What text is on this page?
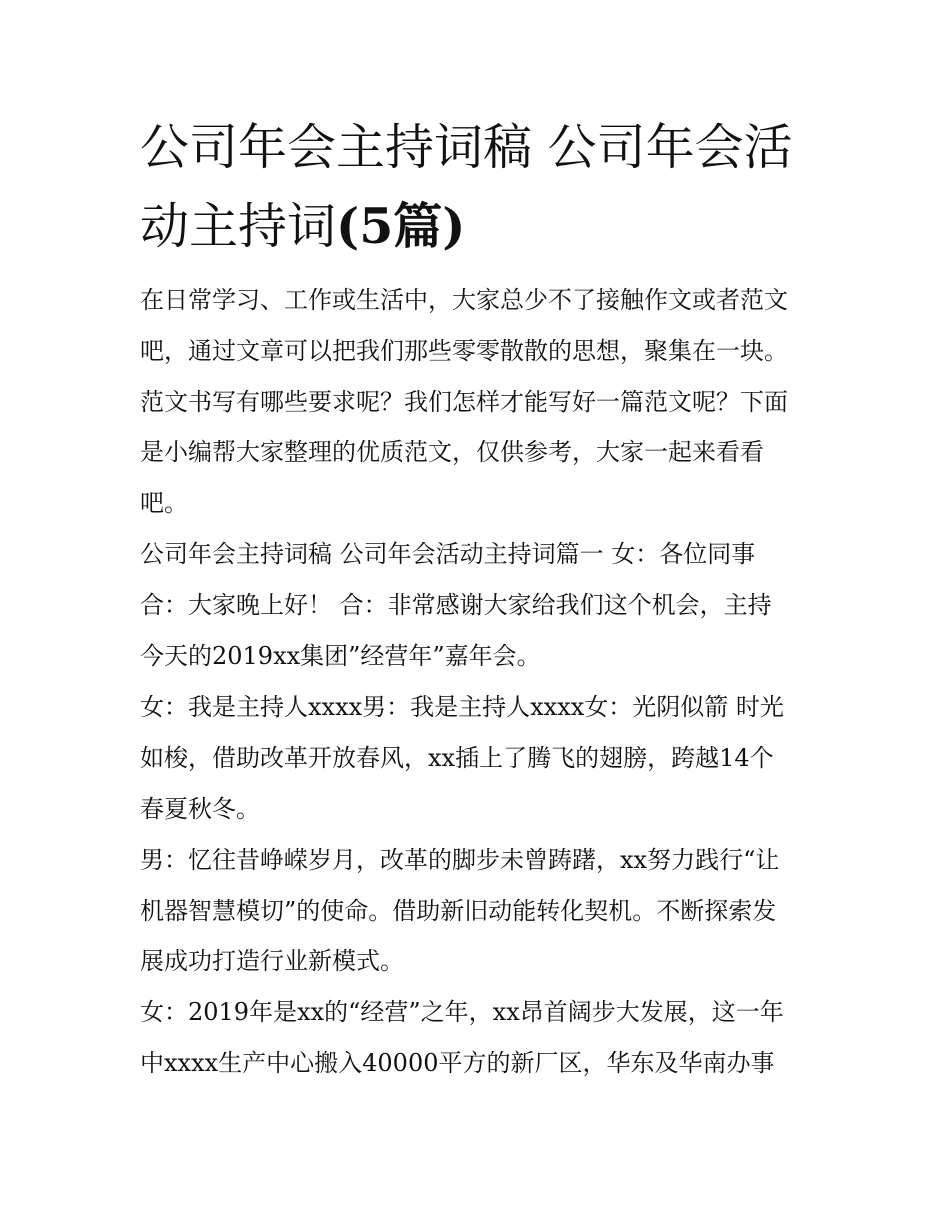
公司年会主持词稿 公司年会活
动主持词(5篇)
在日常学习、工作或生活中，大家总少不了接触作文或者范文
吧，通过文章可以把我们那些零零散散的思想，聚集在一块。
范文书写有哪些要求呢？我们怎样才能写好一篇范文呢？下面
是小编帮大家整理的优质范文，仅供参考，大家一起来看看
吧。
公司年会主持词稿 公司年会活动主持词篇一 女：各位同事
合：大家晚上好！ 合：非常感谢大家给我们这个机会，主持
今天的2019xx集团”经营年”嘉年会。
女：我是主持人xxxx男：我是主持人xxxx女：光阴似箭 时光
如梭，借助改革开放春风，xx插上了腾飞的翅膀，跨越14个
春夏秋冬。
男：忆往昔峥嵘岁月，改革的脚步未曾踌躇，xx努力践行“让
机器智慧模切”的使命。借助新旧动能转化契机。不断探索发
展成功打造行业新模式。
女：2019年是xx的“经营”之年，xx昂首阔步大发展，这一年
中xxxx生产中心搬入40000平方的新厂区，华东及华南办事
